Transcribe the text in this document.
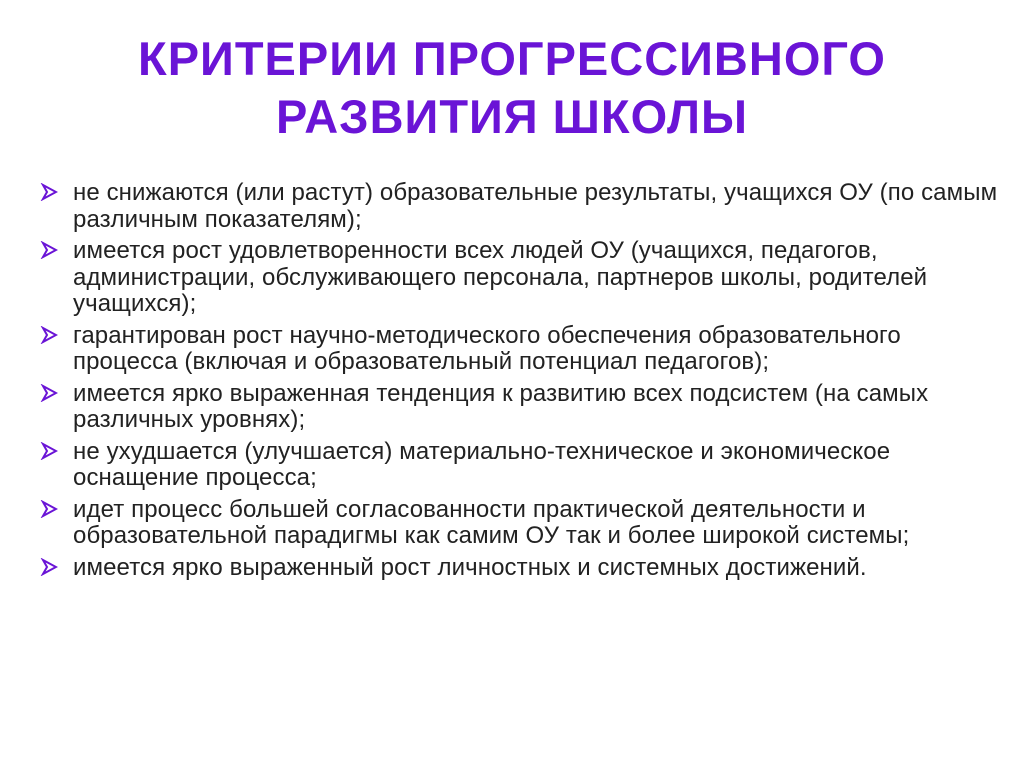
КРИТЕРИИ ПРОГРЕССИВНОГО
РАЗВИТИЯ ШКОЛЫ
не снижаются (или растут) образовательные результаты, учащихся ОУ (по самым различным показателям);
имеется рост удовлетворенности всех людей ОУ (учащихся, педагогов, администрации, обслуживающего персонала, партнеров школы, родителей учащихся);
гарантирован рост научно-методического обеспечения образовательного процесса (включая и образовательный потенциал педагогов);
имеется ярко выраженная тенденция к развитию всех подсистем (на самых различных уровнях);
не ухудшается (улучшается) материально-техническое и экономическое оснащение процесса;
идет процесс большей согласованности практической деятельности и образовательной парадигмы как самим ОУ так и более широкой системы;
имеется ярко выраженный рост личностных и системных достижений.
